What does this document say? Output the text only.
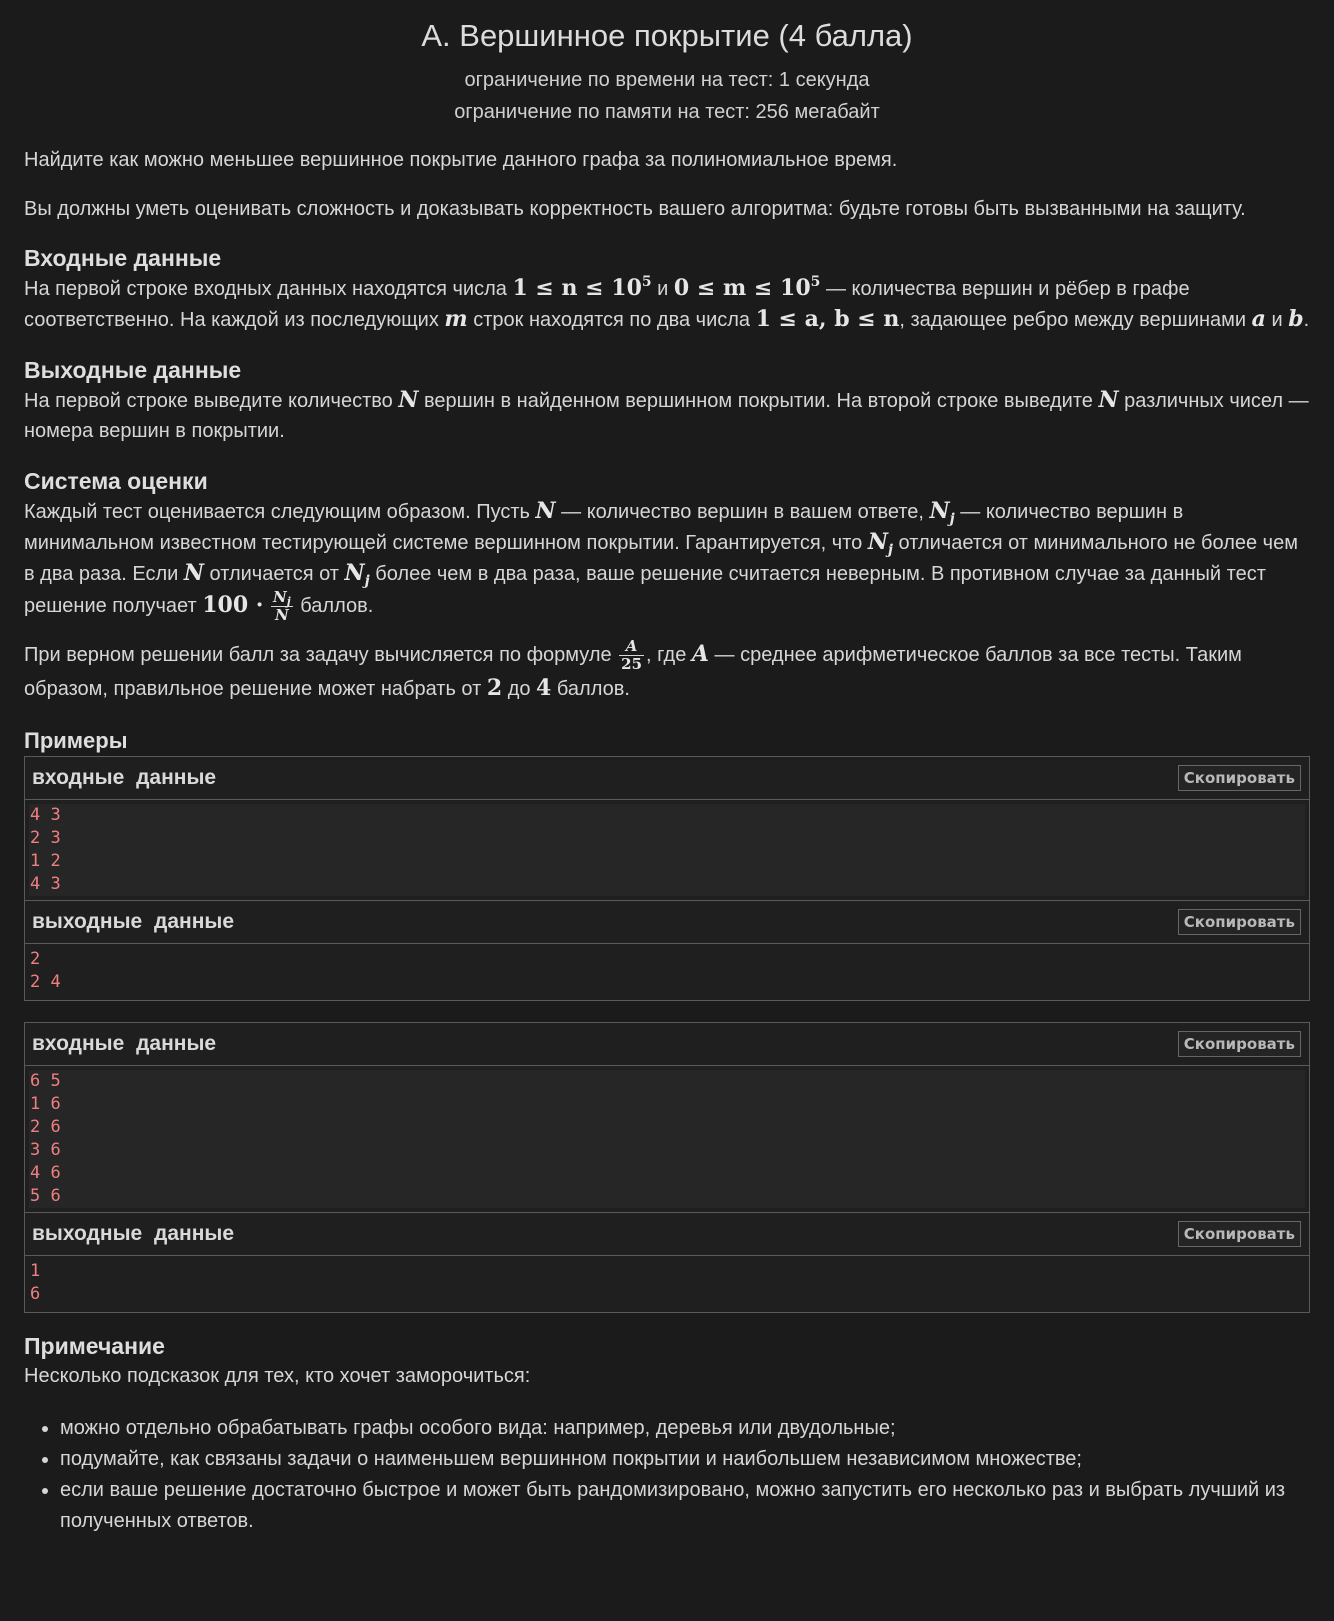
A. Вершинное покрытие (4 балла)
ограничение по времени на тест: 1 секунда
ограничение по памяти на тест: 256 мегабайт

Найдите как можно меньшее вершинное покрытие данного графа за полиномиальное время.

Вы должны уметь оценивать сложность и доказывать корректность вашего алгоритма: будьте готовы быть вызванными на защиту.

Входные данные

На первой строке входных данных находятся числа $1 \le n \le 10^5$ и $0 \le m \le 10^5$ — количества вершин и рёбер в графе соответственно. На каждой из последующих m строк находятся по два числа 1 ≤ a, b ≤ n, задающее ребро между вершинами a и b.

Выходные данные

На первой строке выведите количество N вершин в найденном вершинном покрытии. На второй строке выведите N различных чисел — номера вершин в покрытии.

Система оценки

Каждый тест оценивается следующим образом. Пусть N — количество вершин в вашем ответе, $N_j$ — количество вершин в минимальном известном тестирующей системе вершинном покрытии. Гарантируется, что $N_j$ отличается от минимального не более чем в два раза. Если N отличается от $N_j$ более чем в два раза, ваше решение считается неверным. В противном случае за данный тест решение получает $100 \cdot \frac{N_j}{N}$ баллов.

При верном решении балл за задачу вычисляется по формуле $\frac{A}{25}$ , где A — среднее арифметическое баллов за все тесты. Таким образом, правильное решение может набрать от 2 до 4 баллов.

Примеры
входные данные	Скопировать
4 3
2 3
1 2
4 3
выходные данные	Скопировать
2
2 4
входные данные	Скопировать
6 5
1 6
2 6
3 6
4 6
5 6
выходные данные	Скопировать
1
6
Примечание

Несколько подсказок для тех, кто хочет заморочиться:

• можно отдельно обрабатывать графы особого вида: например, деревья или двудольные;
• подумайте, как связаны задачи о наименьшем вершинном покрытии и наибольшем независимом множестве;
• если ваше решение достаточно быстрое и может быть рандомизировано, можно запустить его несколько раз и выбрать лучший из полученных ответов.
